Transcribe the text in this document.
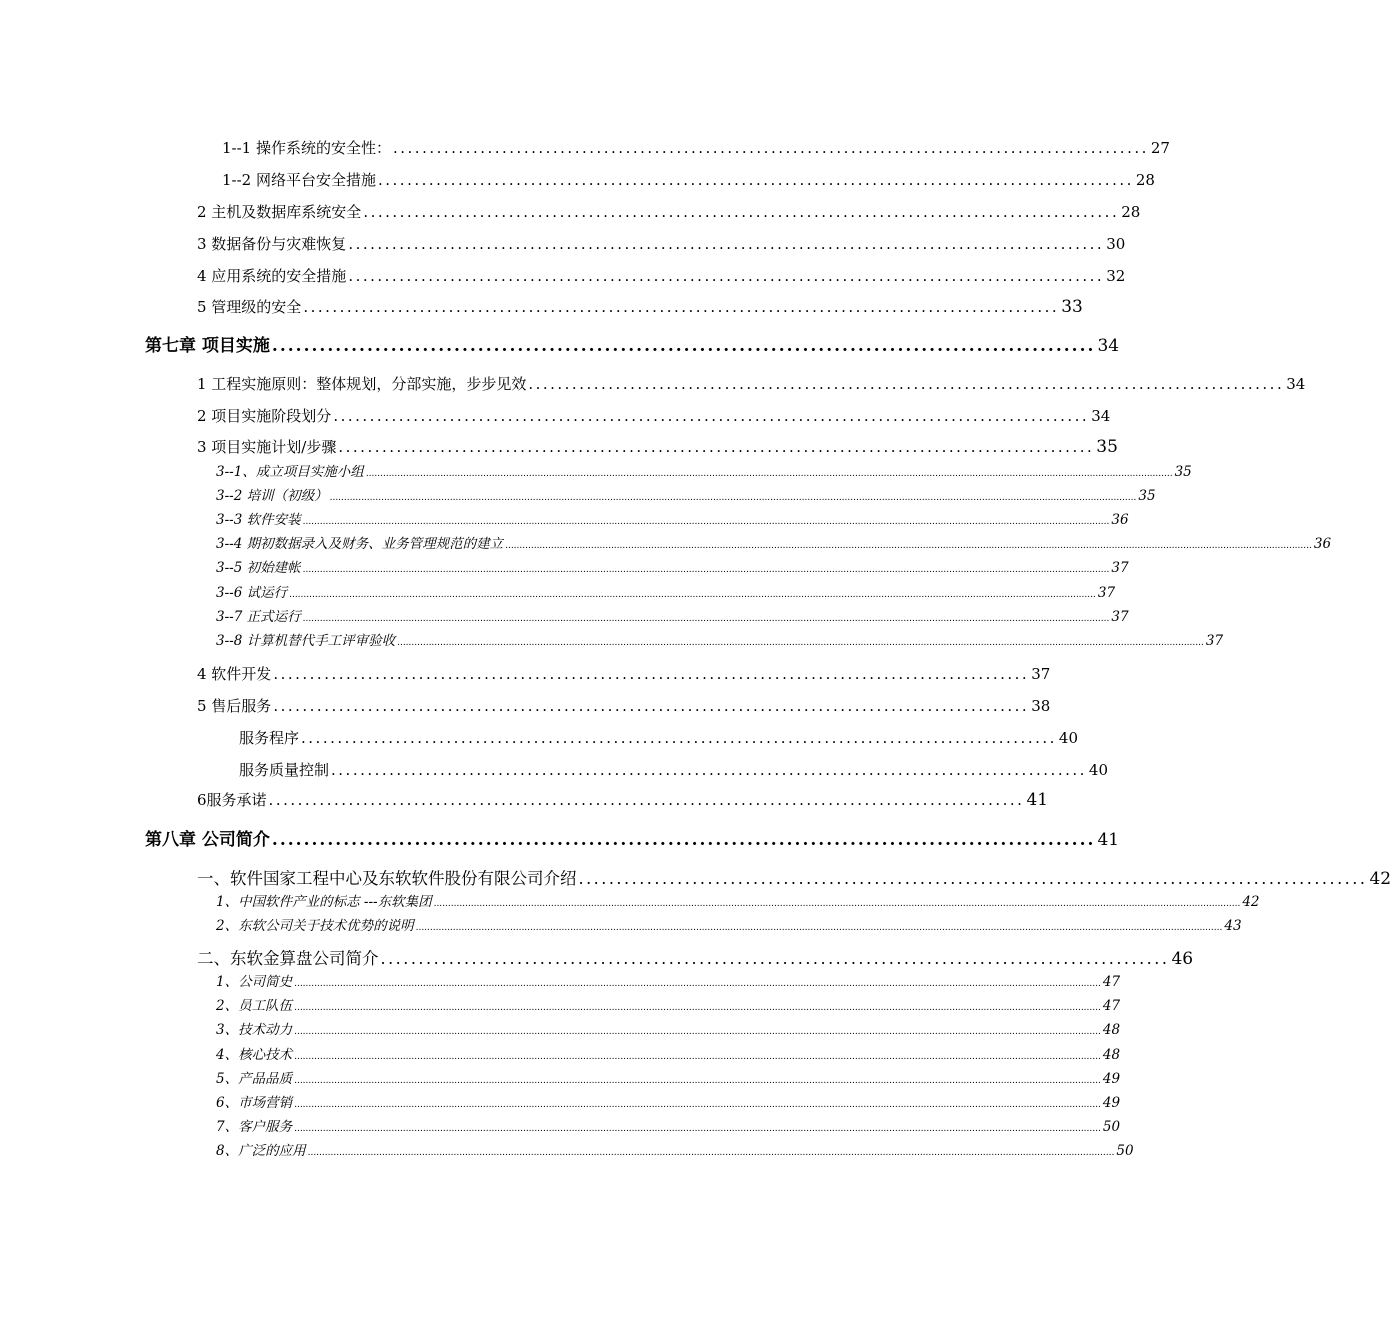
1--1 操作系统的安全性： ........................................................................................................ 27
1--2 网络平台安全措施 ........................................................................................................ 28
2 主机及数据库系统安全 ........................................................................................................ 28
3 数据备份与灾难恢复 ........................................................................................................ 30
4 应用系统的安全措施 ........................................................................................................ 32
5 管理级的安全 ........................................................................................................ 33
第七章 项目实施 ........................................................................................................ 34
1 工程实施原则：整体规划，分部实施，步步见效 ........................................................................................................ 34
2 项目实施阶段划分 ........................................................................................................ 34
3 项目实施计划/步骤 ........................................................................................................ 35
3--1、成立项目实施小组 .......................................................................................................................................................................................................................................................................................... 35
3--2 培训（初级） .......................................................................................................................................................................................................................................................................................... 35
3--3 软件安装 .......................................................................................................................................................................................................................................................................................... 36
3--4 期初数据录入及财务、业务管理规范的建立 .......................................................................................................................................................................................................................................................................................... 36
3--5 初始建帐 .......................................................................................................................................................................................................................................................................................... 37
3--6 试运行 .......................................................................................................................................................................................................................................................................................... 37
3--7 正式运行 .......................................................................................................................................................................................................................................................................................... 37
3--8 计算机替代手工评审验收 .......................................................................................................................................................................................................................................................................................... 37
4 软件开发 ........................................................................................................ 37
5 售后服务 ........................................................................................................ 38
服务程序 ........................................................................................................ 40
服务质量控制 ........................................................................................................ 40
6服务承诺 ........................................................................................................ 41
第八章 公司简介 ........................................................................................................ 41
一、软件国家工程中心及东软软件股份有限公司介绍 ........................................................................................................ 42
1、中国软件产业的标志 ---东软集团 .......................................................................................................................................................................................................................................................................................... 42
2、东软公司关于技术优势的说明 .......................................................................................................................................................................................................................................................................................... 43
二、东软金算盘公司简介 ........................................................................................................ 46
1、公司简史 .......................................................................................................................................................................................................................................................................................... 47
2、员工队伍 .......................................................................................................................................................................................................................................................................................... 47
3、技术动力 .......................................................................................................................................................................................................................................................................................... 48
4、核心技术 .......................................................................................................................................................................................................................................................................................... 48
5、产品品质 .......................................................................................................................................................................................................................................................................................... 49
6、市场营销 .......................................................................................................................................................................................................................................................................................... 49
7、客户服务 .......................................................................................................................................................................................................................................................................................... 50
8、广泛的应用 .......................................................................................................................................................................................................................................................................................... 50
